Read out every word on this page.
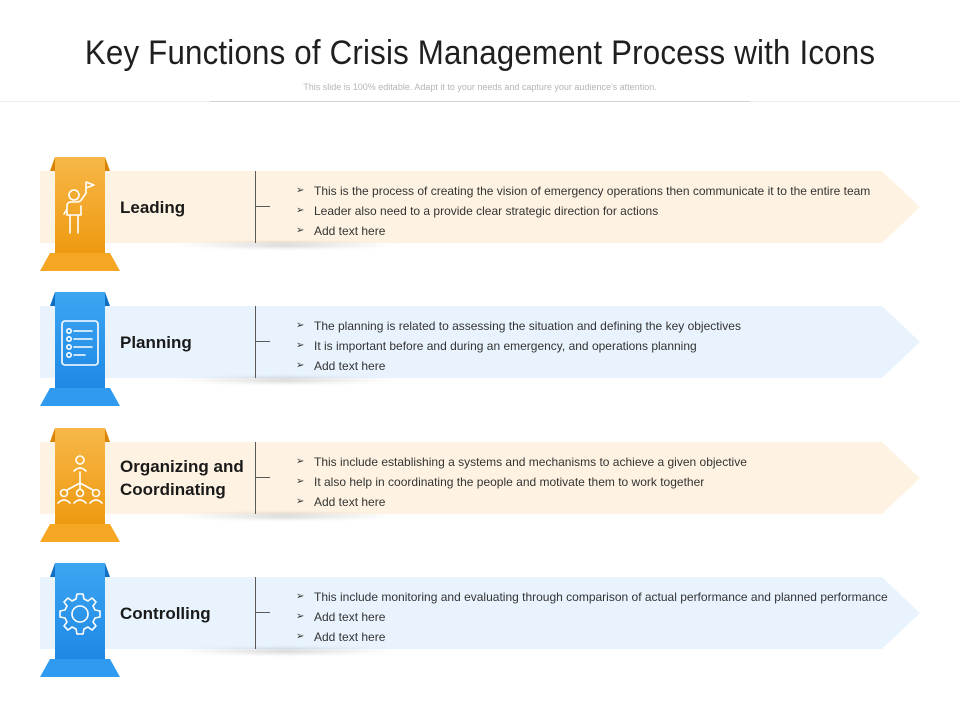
Key Functions of Crisis Management Process with Icons
This slide is 100% editable. Adapt it to your needs and capture your audience's attention.
Leading
➢ This is the process of creating the vision of emergency operations then communicate it to the entire team
➢ Leader also need to a provide clear strategic direction for actions
➢ Add text here
Planning
➢ The planning is related to assessing the situation and defining the key objectives
➢ It is important before and during an emergency, and operations planning
➢ Add text here
Organizing and Coordinating
➢ This include establishing a systems and mechanisms to achieve a given objective
➢ It also help in coordinating the people and motivate them to work together
➢ Add text here
Controlling
➢ This include monitoring and evaluating through comparison of actual performance and planned performance
➢ Add text here
➢ Add text here
